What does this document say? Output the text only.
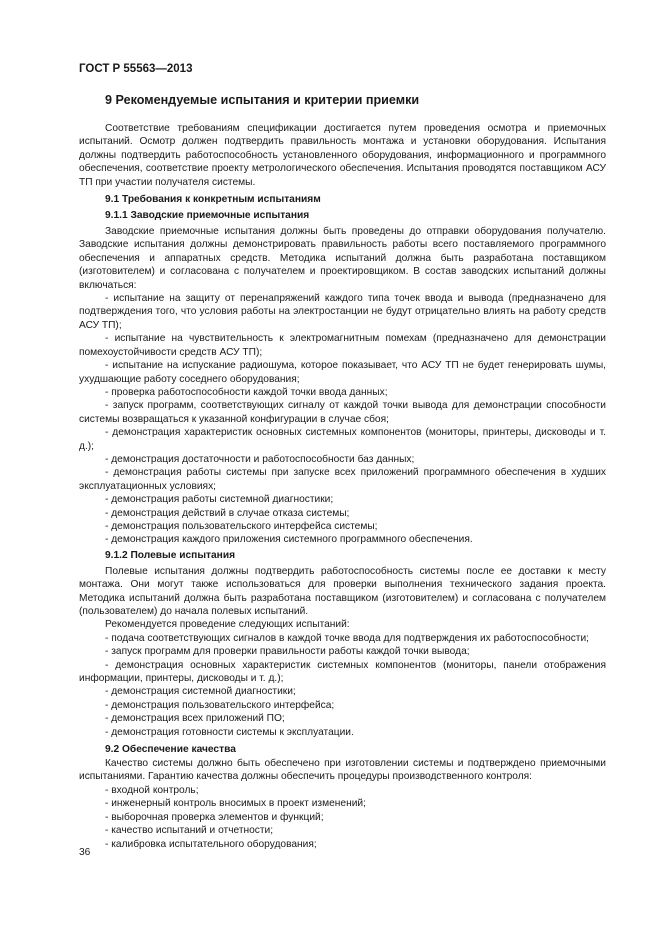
ГОСТ Р 55563—2013
9 Рекомендуемые испытания и критерии приемки

Соответствие требованиям спецификации достигается путем проведения осмотра и приемочных испытаний. Осмотр должен подтвердить правильность монтажа и установки оборудования. Испытания должны подтвердить работоспособность установленного оборудования, информационного и программного обеспечения, соответствие проекту метрологического обеспечения. Испытания проводятся поставщиком АСУ ТП при участии получателя системы.

9.1 Требования к конкретным испытаниям
9.1.1 Заводские приемочные испытания

Заводские приемочные испытания должны быть проведены до отправки оборудования получателю. Заводские испытания должны демонстрировать правильность работы всего поставляемого программного обеспечения и аппаратных средств. Методика испытаний должна быть разработана поставщиком (изготовителем) и согласована с получателем и проектировщиком. В состав заводских испытаний должны включаться:

- испытание на защиту от перенапряжений каждого типа точек ввода и вывода (предназначено для подтверждения того, что условия работы на электростанции не будут отрицательно влиять на работу средств АСУ ТП);
- испытание на чувствительность к электромагнитным помехам (предназначено для демонстрации помехоустойчивости средств АСУ ТП);
- испытание на испускание радиошума, которое показывает, что АСУ ТП не будет генерировать шумы, ухудшающие работу соседнего оборудования;
- проверка работоспособности каждой точки ввода данных;
- запуск программ, соответствующих сигналу от каждой точки вывода для демонстрации способности системы возвращаться к указанной конфигурации в случае сбоя;
- демонстрация характеристик основных системных компонентов (мониторы, принтеры, дисководы и т. д.);
- демонстрация достаточности и работоспособности баз данных;
- демонстрация работы системы при запуске всех приложений программного обеспечения в худших эксплуатационных условиях;
- демонстрация работы системной диагностики;
- демонстрация действий в случае отказа системы;
- демонстрация пользовательского интерфейса системы;
- демонстрация каждого приложения системного программного обеспечения.
9.1.2 Полевые испытания

Полевые испытания должны подтвердить работоспособность системы после ее доставки к месту монтажа. Они могут также использоваться для проверки выполнения технического задания проекта. Методика испытаний должна быть разработана поставщиком (изготовителем) и согласована с получателем (пользователем) до начала полевых испытаний.

Рекомендуется проведение следующих испытаний:

- подача соответствующих сигналов в каждой точке ввода для подтверждения их работоспособности;
- запуск программ для проверки правильности работы каждой точки вывода;
- демонстрация основных характеристик системных компонентов (мониторы, панели отображения информации, принтеры, дисководы и т. д.);
- демонстрация системной диагностики;
- демонстрация пользовательского интерфейса;
- демонстрация всех приложений ПО;
- демонстрация готовности системы к эксплуатации.
9.2 Обеспечение качества

Качество системы должно быть обеспечено при изготовлении системы и подтверждено приемочными испытаниями. Гарантию качества должны обеспечить процедуры производственного контроля:

- входной контроль;
- инженерный контроль вносимых в проект изменений;
- выборочная проверка элементов и функций;
- качество испытаний и отчетности;
- калибровка испытательного оборудования;
36
